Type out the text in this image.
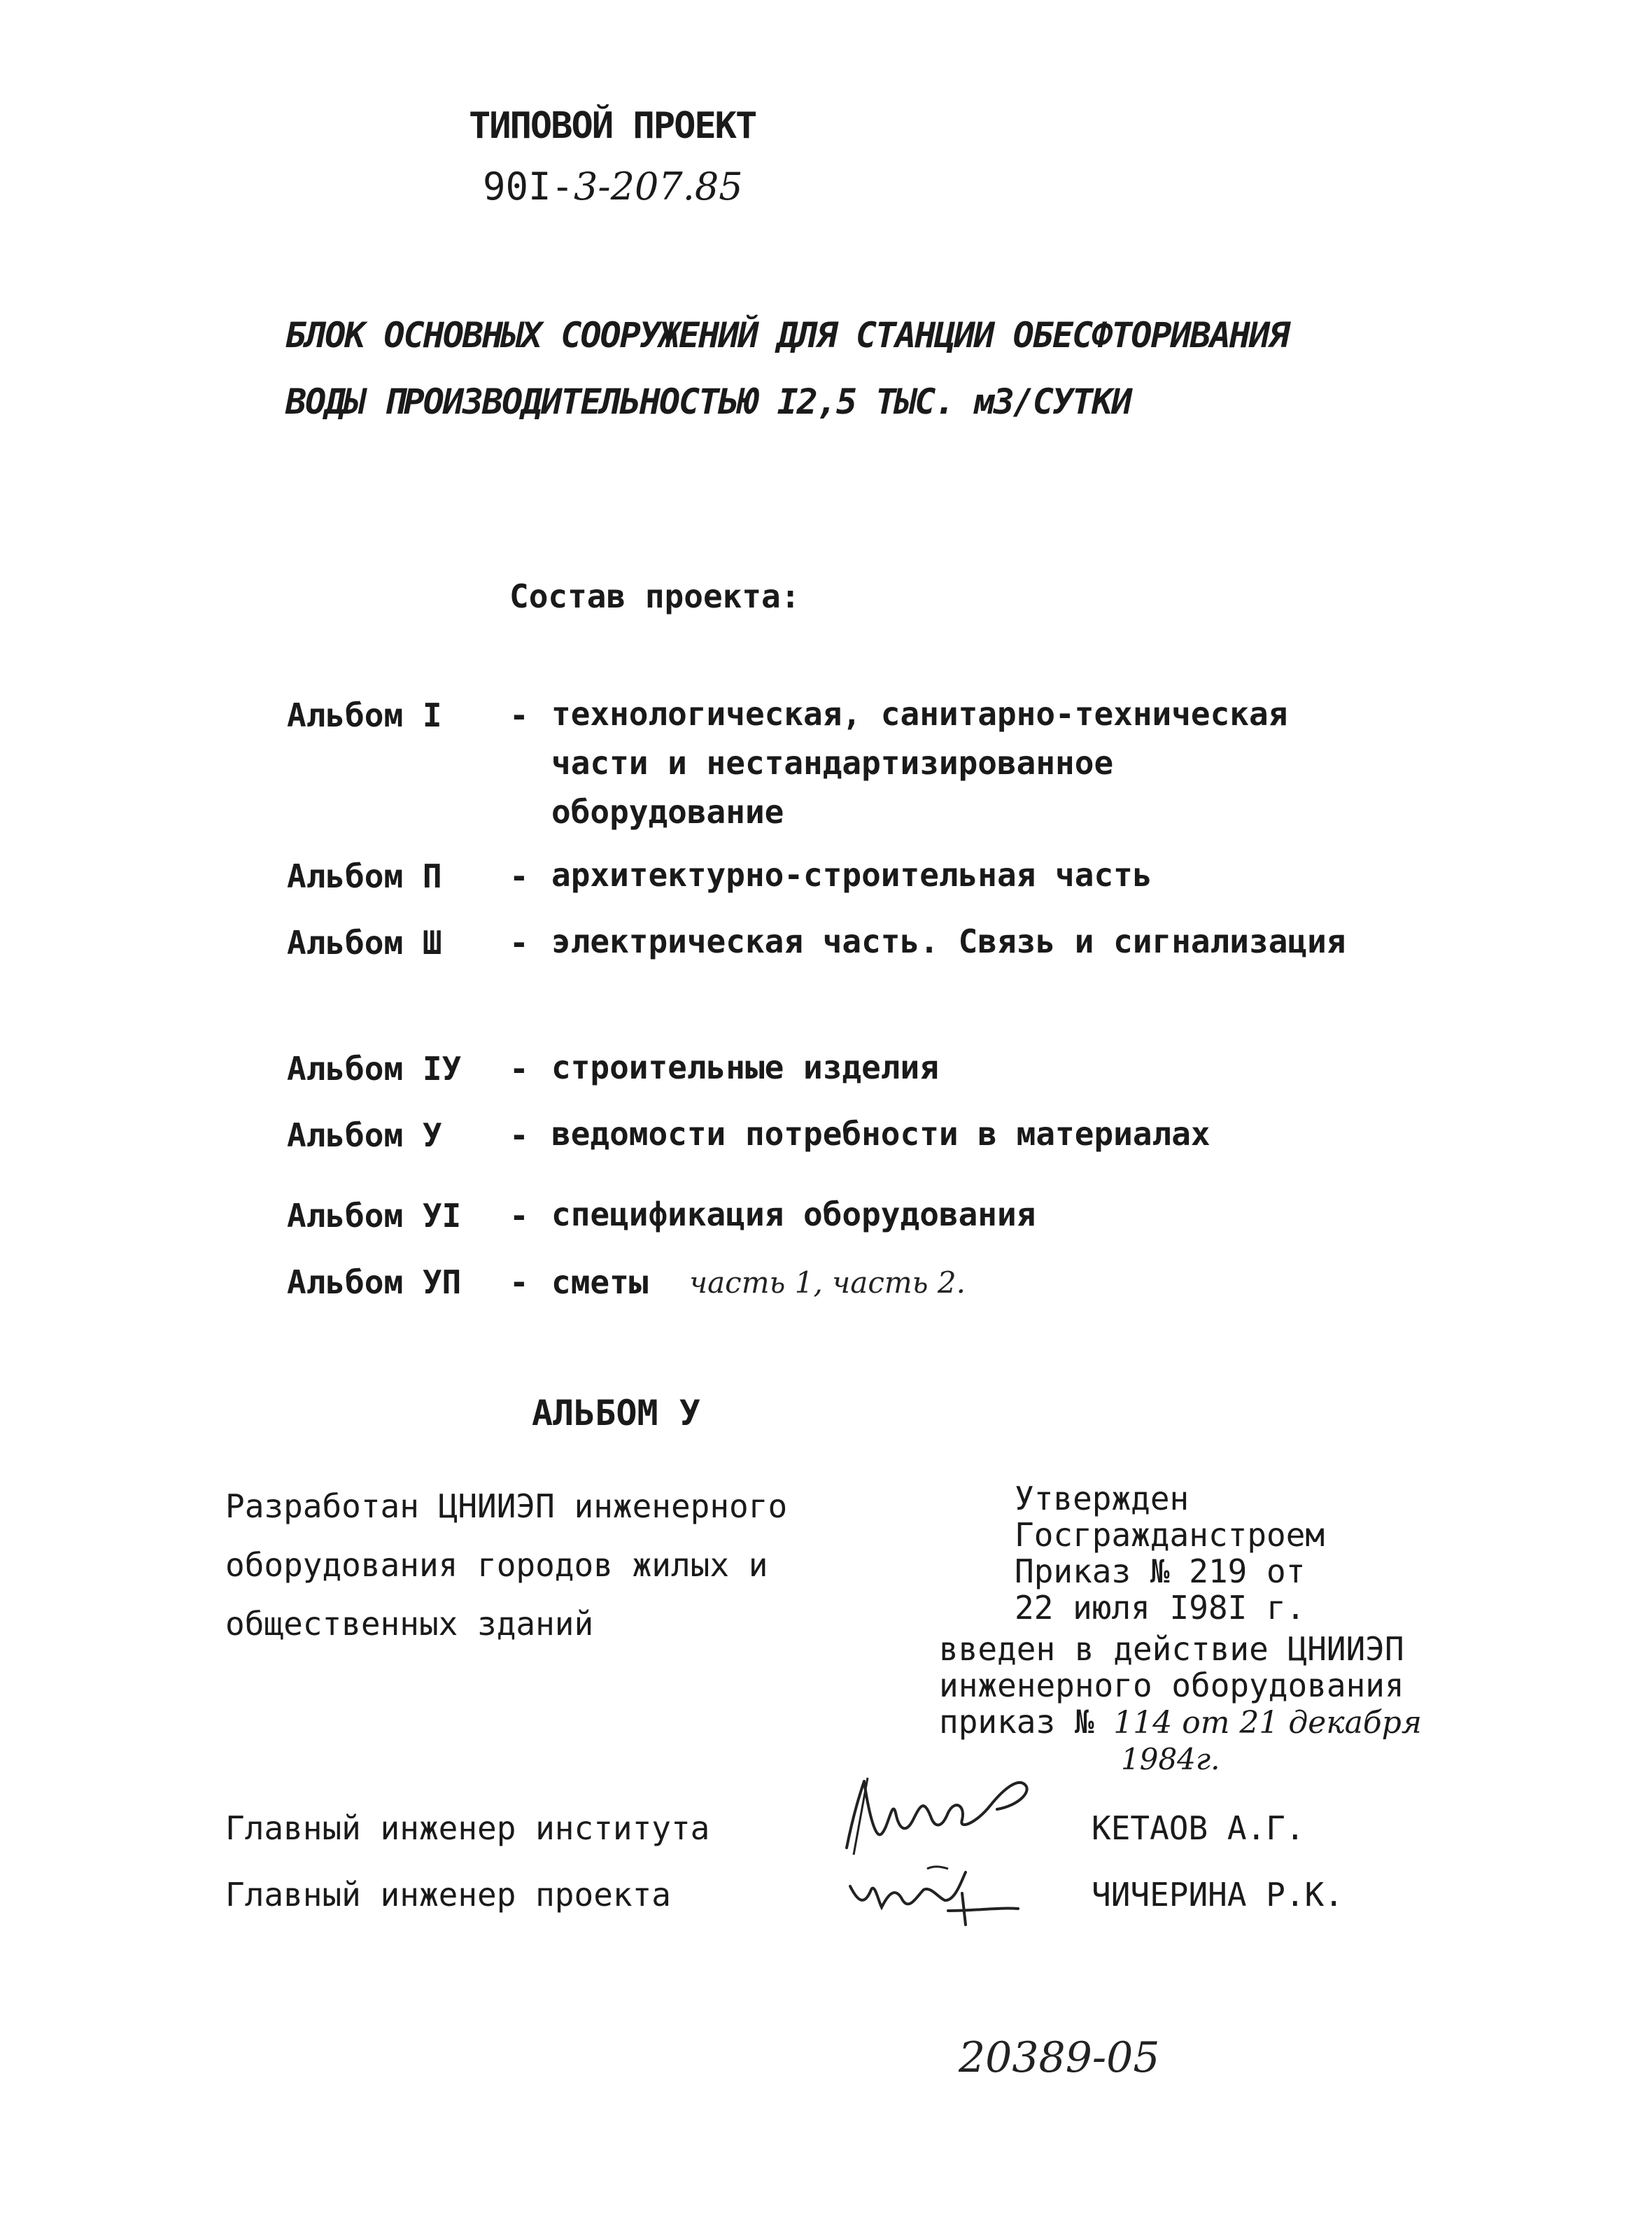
ТИПОВОЙ ПРОЕКТ
90I-3-207.85
БЛОК ОСНОВНЫХ СООРУЖЕНИЙ ДЛЯ СТАНЦИИ ОБЕСФТОРИВАНИЯ
ВОДЫ ПРОИЗВОДИТЕЛЬНОСТЬЮ I2,5 ТЫС. м3/СУТКИ
Состав проекта:
Альбом I - технологическая, санитарно-техническая части и нестандартизированное оборудование
Альбом П - архитектурно-строительная часть
Альбом Ш - электрическая часть. Связь и сигнализация
Альбом IУ - строительные изделия
Альбом У - ведомости потребности в материалах
Альбом УI - спецификация оборудования
Альбом УП - сметы часть 1, часть 2.
АЛЬБОМ У
Разработан ЦНИИЭП инженерного оборудования городов жилых и общественных зданий
Утвержден
Госгражданстроем
Приказ № 219 от
22 июля I98I г.
введен в действие ЦНИИЭП
инженерного оборудования
приказ № 114 от 21 декабря
1984г.
Главный инженер института	КЕТАОВ А.Г.
Главный инженер проекта	ЧИЧЕРИНА Р.К.
20389-05
